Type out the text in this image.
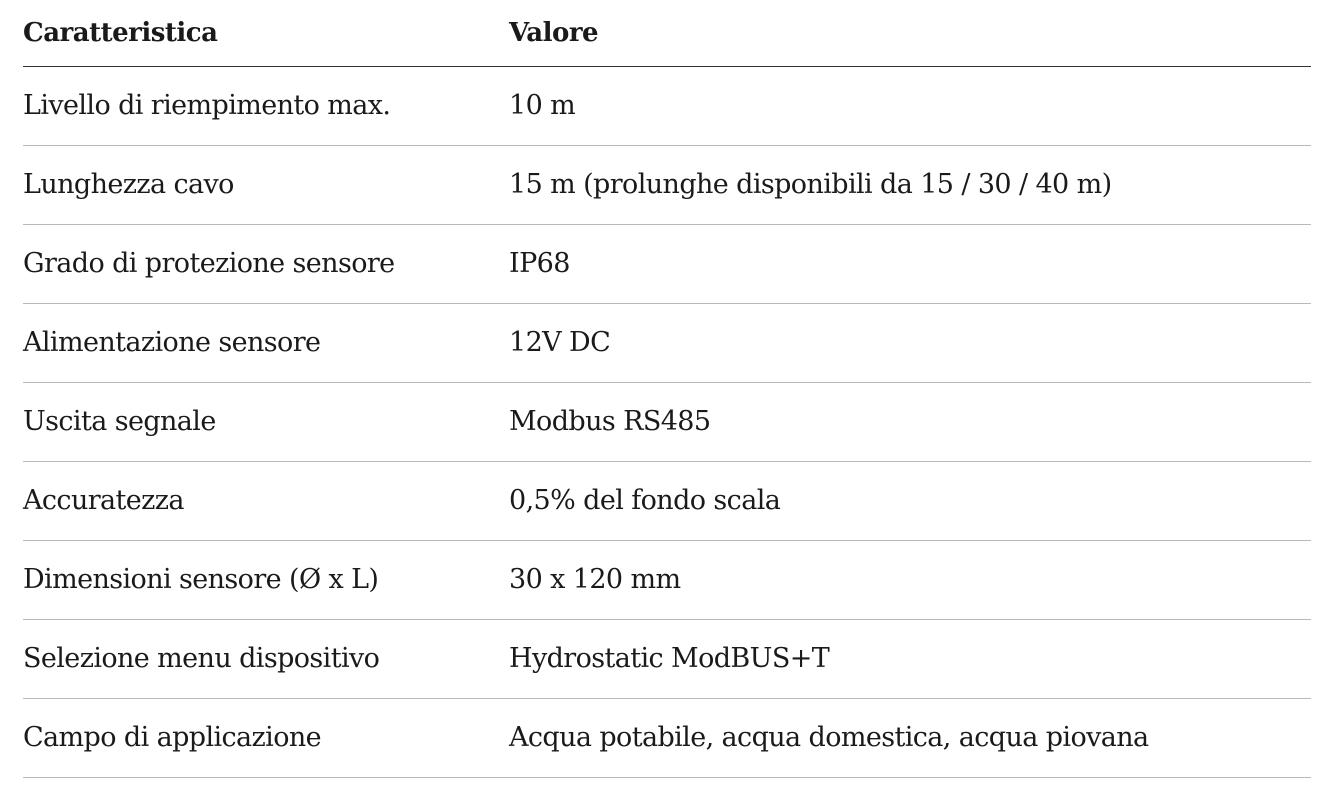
Caratteristica	Valore
Livello di riempimento max.	10 m
Lunghezza cavo	15 m (prolunghe disponibili da 15 / 30 / 40 m)
Grado di protezione sensore	IP68
Alimentazione sensore	12V DC
Uscita segnale	Modbus RS485
Accuratezza	0,5% del fondo scala
Dimensioni sensore (Ø x L)	30 x 120 mm
Selezione menu dispositivo	Hydrostatic ModBUS+T
Campo di applicazione	Acqua potabile, acqua domestica, acqua piovana
